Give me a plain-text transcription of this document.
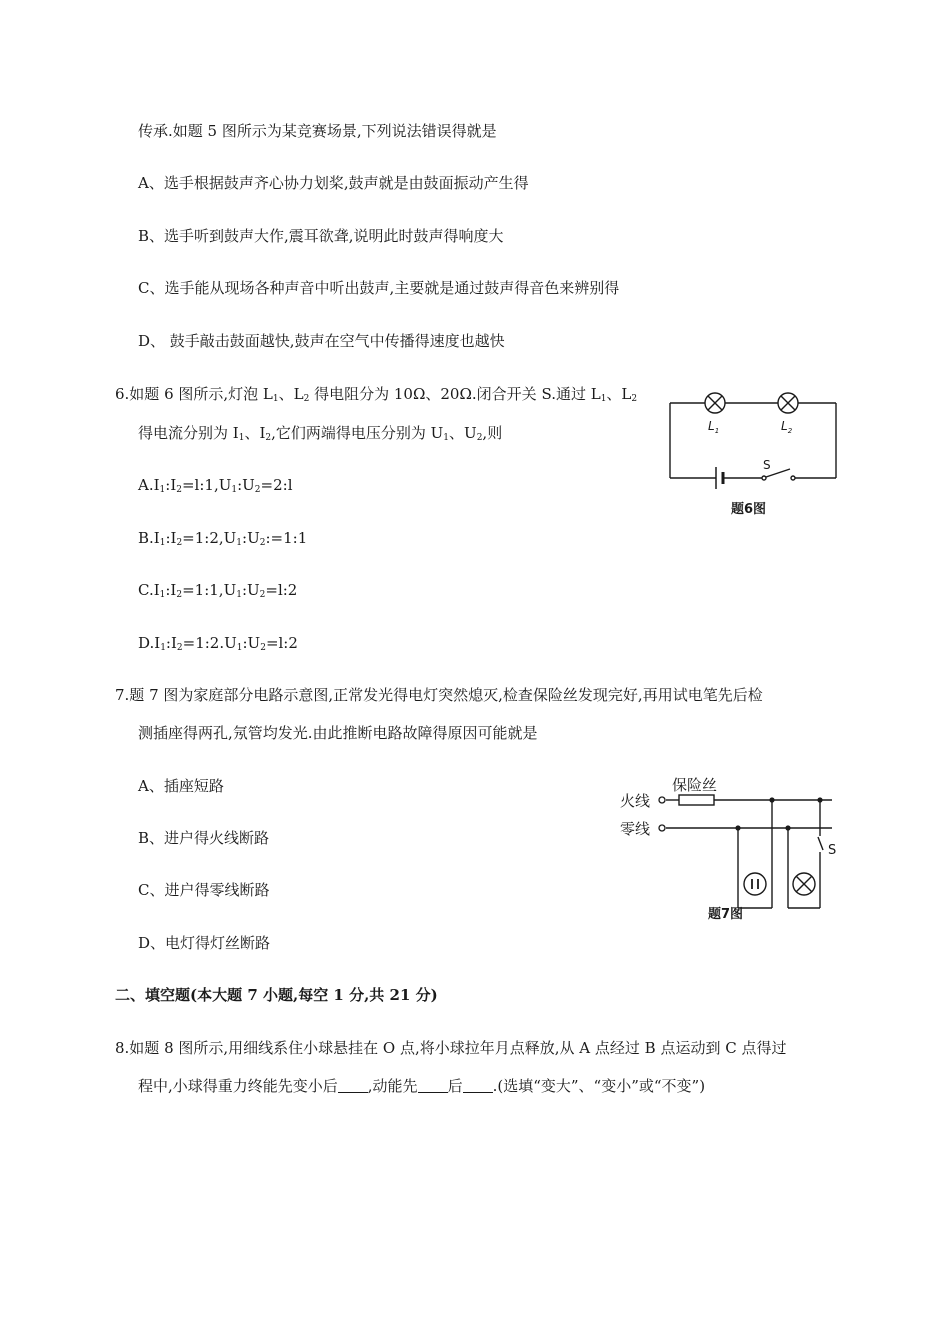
传承.如题 5 图所示为某竞赛场景,下列说法错误得就是
A、选手根据鼓声齐心协力划桨,鼓声就是由鼓面振动产生得
B、选手听到鼓声大作,震耳欲聋,说明此时鼓声得响度大
C、选手能从现场各种声音中听出鼓声,主要就是通过鼓声得音色来辨别得
D、 鼓手敲击鼓面越快,鼓声在空气中传播得速度也越快
6.如题 6 图所示,灯泡 $L_1$、$L_2$ 得电阻分为 10Ω、20Ω.闭合开关 S.通过 $L_1$、$L_2$
得电流分别为 $I_1$、$I_2$,它们两端得电压分别为 $U_1$、$U_2$,则
$A.I_1:I_2=l:1,U_1:U_2=2:l$
$B.I_1:I_2=1:2,U_1:U_2:=1:1$
$C.I_1:I_2=1:1,U_1:U_2=l:2$
$D.I_1:I_2=1:2.U_1:U_2=l:2$
$L_1$	$L_2$
S
题6图
7.题 7 图为家庭部分电路示意图,正常发光得电灯突然熄灭,检查保险丝发现完好,再用试电笔先后检
测插座得两孔,氖管均发光.由此推断电路故障得原因可能就是
A、插座短路
B、进户得火线断路
C、进户得零线断路
D、电灯得灯丝断路
火线
零线
保险丝
S
题7图
二、填空题(本大题 7 小题,每空 1 分,共 21 分)
8.如题 8 图所示,用细线系住小球悬挂在 O 点,将小球拉年月点释放,从 A 点经过 B 点运动到 C 点得过
程中,小球得重力终能先变小后 ,动能先 后 .(选填“变大”、“变小”或“不变”)
